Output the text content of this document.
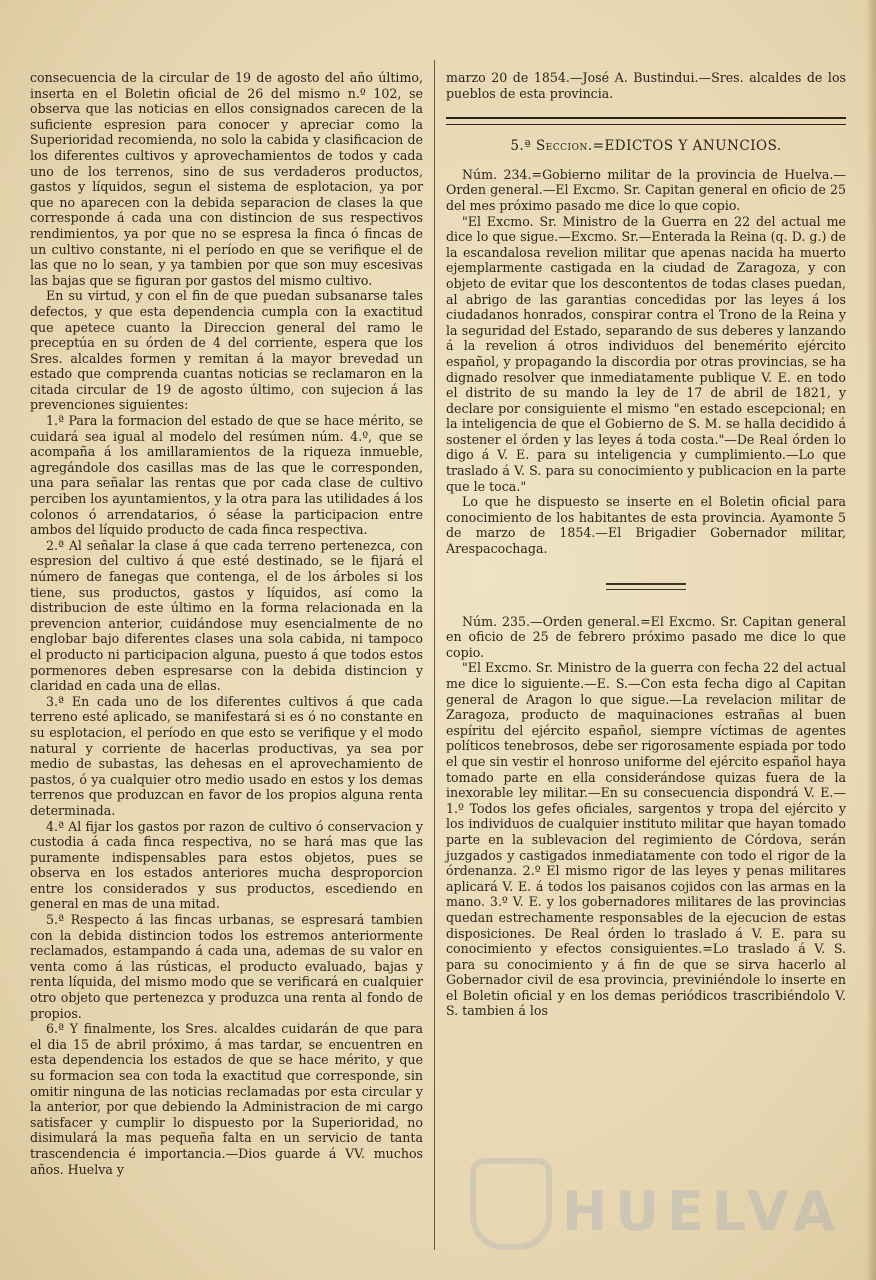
consecuencia de la circular de 19 de agosto del año último, inserta en el Boletin oficial de 26 del mismo n.º 102, se observa que las noticias en ellos consignados carecen de la suficiente espresion para conocer y apreciar como la Superioridad recomienda, no solo la cabida y clasificacion de los diferentes cultivos y aprovechamientos de todos y cada uno de los terrenos, sino de sus verdaderos productos, gastos y líquidos, segun el sistema de esplotacion, ya por que no aparecen con la debida separacion de clases la que corresponde á cada una con distincion de sus respectivos rendimientos, ya por que no se espresa la finca ó fincas de un cultivo constante, ni el período en que se verifique el de las que no lo sean, y ya tambien por que son muy escesivas las bajas que se figuran por gastos del mismo cultivo.

En su virtud, y con el fin de que puedan subsanarse tales defectos, y que esta dependencia cumpla con la exactitud que apetece cuanto la Direccion general del ramo le preceptúa en su órden de 4 del corriente, espera que los Sres. alcaldes formen y remitan á la mayor brevedad un estado que comprenda cuantas noticias se reclamaron en la citada circular de 19 de agosto último, con sujecion á las prevenciones siguientes:

1.ª Para la formacion del estado de que se hace mérito, se cuidará sea igual al modelo del resúmen núm. 4.º, que se acompaña á los amillaramientos de la riqueza inmueble, agregándole dos casillas mas de las que le corresponden, una para señalar las rentas que por cada clase de cultivo perciben los ayuntamientos, y la otra para las utilidades á los colonos ó arrendatarios, ó séase la participacion entre ambos del líquido producto de cada finca respectiva.

2.ª Al señalar la clase á que cada terreno pertenezca, con espresion del cultivo á que esté destinado, se le fijará el número de fanegas que contenga, el de los árboles si los tiene, sus productos, gastos y líquidos, así como la distribucion de este último en la forma relacionada en la prevencion anterior, cuidándose muy esencialmente de no englobar bajo diferentes clases una sola cabida, ni tampoco el producto ni participacion alguna, puesto á que todos estos pormenores deben espresarse con la debida distincion y claridad en cada una de ellas.

3.ª En cada uno de los diferentes cultivos á que cada terreno esté aplicado, se manifestará si es ó no constante en su esplotacion, el período en que esto se verifique y el modo natural y corriente de hacerlas productivas, ya sea por medio de subastas, las dehesas en el aprovechamiento de pastos, ó ya cualquier otro medio usado en estos y los demas terrenos que produzcan en favor de los propios alguna renta determinada.

4.ª Al fijar los gastos por razon de cultivo ó conservacion y custodia á cada finca respectiva, no se hará mas que las puramente indispensables para estos objetos, pues se observa en los estados anteriores mucha desproporcion entre los considerados y sus productos, escediendo en general en mas de una mitad.

5.ª Respecto á las fincas urbanas, se espresará tambien con la debida distincion todos los estremos anteriormente reclamados, estampando á cada una, ademas de su valor en venta como á las rústicas, el producto evaluado, bajas y renta líquida, del mismo modo que se verificará en cualquier otro objeto que pertenezca y produzca una renta al fondo de propios.

6.ª Y finalmente, los Sres. alcaldes cuidarán de que para el dia 15 de abril próximo, á mas tardar, se encuentren en esta dependencia los estados de que se hace mérito, y que su formacion sea con toda la exactitud que corresponde, sin omitir ninguna de las noticias reclamadas por esta circular y la anterior, por que debiendo la Administracion de mi cargo satisfacer y cumplir lo dispuesto por la Superioridad, no disimulará la mas pequeña falta en un servicio de tanta trascendencia é importancia.—Dios guarde á VV. muchos años. Huelva y

marzo 20 de 1854.—José A. Bustindui.—Sres. alcaldes de los pueblos de esta provincia.

5.ª Seccion.=EDICTOS Y ANUNCIOS.

Núm. 234.=Gobierno militar de la provincia de Huelva.—Orden general.—El Excmo. Sr. Capitan general en oficio de 25 del mes próximo pasado me dice lo que copio.

"El Excmo. Sr. Ministro de la Guerra en 22 del actual me dice lo que sigue.—Excmo. Sr.—Enterada la Reina (q. D. g.) de la escandalosa revelion militar que apenas nacida ha muerto ejemplarmente castigada en la ciudad de Zaragoza, y con objeto de evitar que los descontentos de todas clases puedan, al abrigo de las garantias concedidas por las leyes á los ciudadanos honrados, conspirar contra el Trono de la Reina y la seguridad del Estado, separando de sus deberes y lanzando á la revelion á otros individuos del benemérito ejército español, y propagando la discordia por otras provincias, se ha dignado resolver que inmediatamente publique V. E. en todo el distrito de su mando la ley de 17 de abril de 1821, y declare por consiguiente el mismo "en estado escepcional; en la inteligencia de que el Gobierno de S. M. se halla decidido á sostener el órden y las leyes á toda costa."—De Real órden lo digo á V. E. para su inteligencia y cumplimiento.—Lo que traslado á V. S. para su conocimiento y publicacion en la parte que le toca."

Lo que he dispuesto se inserte en el Boletin oficial para conocimiento de los habitantes de esta provincia. Ayamonte 5 de marzo de 1854.—El Brigadier Gobernador militar, Arespacochaga.

Núm. 235.—Orden general.=El Excmo. Sr. Capitan general en oficio de 25 de febrero próximo pasado me dice lo que copio.

"El Excmo. Sr. Ministro de la guerra con fecha 22 del actual me dice lo siguiente.—E. S.—Con esta fecha digo al Capitan general de Aragon lo que sigue.—La revelacion militar de Zaragoza, producto de maquinaciones estrañas al buen espíritu del ejército español, siempre víctimas de agentes políticos tenebrosos, debe ser rigorosamente espiada por todo el que sin vestir el honroso uniforme del ejército español haya tomado parte en ella considerándose quizas fuera de la inexorable ley militar.—En su consecuencia dispondrá V. E.—1.º Todos los gefes oficiales, sargentos y tropa del ejército y los individuos de cualquier instituto militar que hayan tomado parte en la sublevacion del regimiento de Córdova, serán juzgados y castigados inmediatamente con todo el rigor de la órdenanza. 2.º El mismo rigor de las leyes y penas militares aplicará V. E. á todos los paisanos cojidos con las armas en la mano. 3.º V. E. y los gobernadores militares de las provincias quedan estrechamente responsables de la ejecucion de estas disposiciones. De Real órden lo traslado á V. E. para su conocimiento y efectos consiguientes.=Lo traslado á V. S. para su conocimiento y á fin de que se sirva hacerlo al Gobernador civil de esa provincia, previniéndole lo inserte en el Boletin oficial y en los demas periódicos trascribiéndolo V. S. tambien á los

HUELVA
